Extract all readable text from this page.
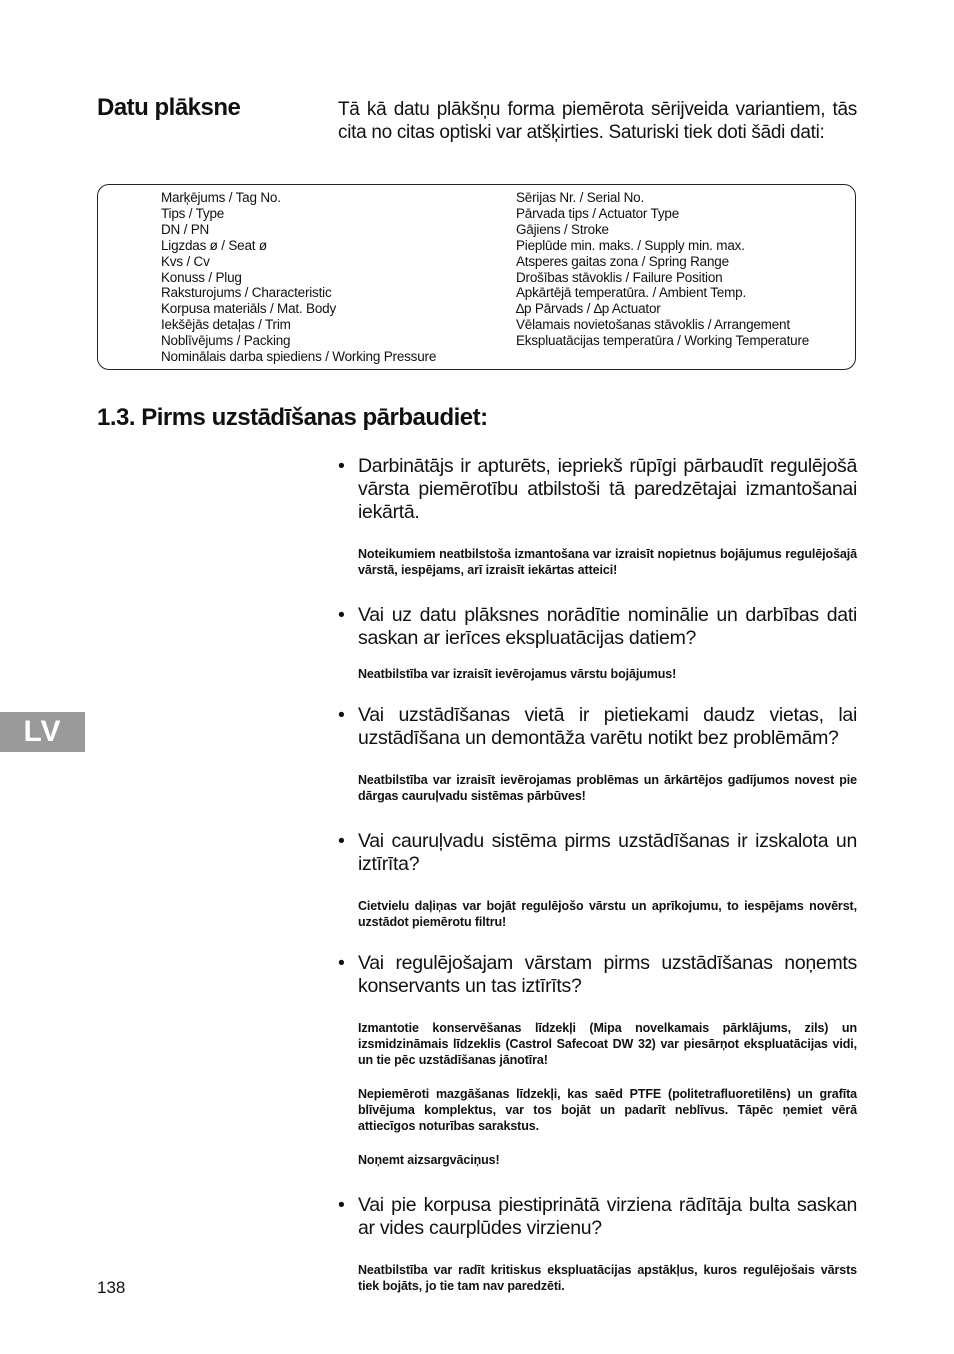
Datu plāksne	Tā kā datu plākšņu forma piemērota sērijveida variantiem, tās cita no citas optiski var atšķirties. Saturiski tiek doti šādi dati:

Marķējums / Tag No.
Tips / Type
DN / PN
Ligzdas ø / Seat ø
Kvs / Cv
Konuss / Plug
Raksturojums / Characteristic
Korpusa materiāls / Mat. Body
Iekšējās detaļas / Trim
Noblīvējums / Packing
Nominālais darba spiediens / Working Pressure
Sērijas Nr. / Serial No.
Pārvada tips / Actuator Type
Gājiens / Stroke
Pieplūde min. maks. / Supply min. max.
Atsperes gaitas zona / Spring Range
Drošības stāvoklis / Failure Position
Apkārtējā temperatūra. / Ambient Temp.
∆p Pārvads / ∆p Actuator
Vēlamais novietošanas stāvoklis / Arrangement
Ekspluatācijas temperatūra / Working Temperature
1.3. Pirms uzstādīšanas pārbaudiet:

• Darbinātājs ir apturēts, iepriekš rūpīgi pārbaudīt regulējošā vārsta piemērotību atbilstoši tā paredzētajai izmantošanai iekārtā.

Noteikumiem neatbilstoša izmantošana var izraisīt nopietnus bojājumus regulējošajā vārstā, iespējams, arī izraisīt iekārtas atteici!

• Vai uz datu plāksnes norādītie nominālie un darbības dati saskan ar ierīces ekspluatācijas datiem?

Neatbilstība var izraisīt ievērojamus vārstu bojājumus!

• Vai uzstādīšanas vietā ir pietiekami daudz vietas, lai uzstādīšana un demontāža varētu notikt bez problēmām?

Neatbilstība var izraisīt ievērojamas problēmas un ārkārtējos gadījumos novest pie dārgas cauruļvadu sistēmas pārbūves!

• Vai cauruļvadu sistēma pirms uzstādīšanas ir izskalota un iztīrīta?

Cietvielu daļiņas var bojāt regulējošo vārstu un aprīkojumu, to iespējams novērst, uzstādot piemērotu filtru!

• Vai regulējošajam vārstam pirms uzstādīšanas noņemts konservants un tas iztīrīts?

Izmantotie konservēšanas līdzekļi (Mipa novelkamais pārklājums, zils) un izsmidzināmais līdzeklis (Castrol Safecoat DW 32) var piesārņot ekspluatācijas vidi, un tie pēc uzstādīšanas jānotīra!

Nepiemēroti mazgāšanas līdzekļi, kas saēd PTFE (politetrafluoretilēns) un grafīta blīvējuma komplektus, var tos bojāt un padarīt neblīvus. Tāpēc ņemiet vērā attiecīgos noturības sarakstus.

Noņemt aizsargvāciņus!

• Vai pie korpusa piestiprinātā virziena rādītāja bulta saskan ar vides caurplūdes virzienu?

Neatbilstība var radīt kritiskus ekspluatācijas apstākļus, kuros regulējošais vārsts tiek bojāts, jo tie tam nav paredzēti.

LV
138
